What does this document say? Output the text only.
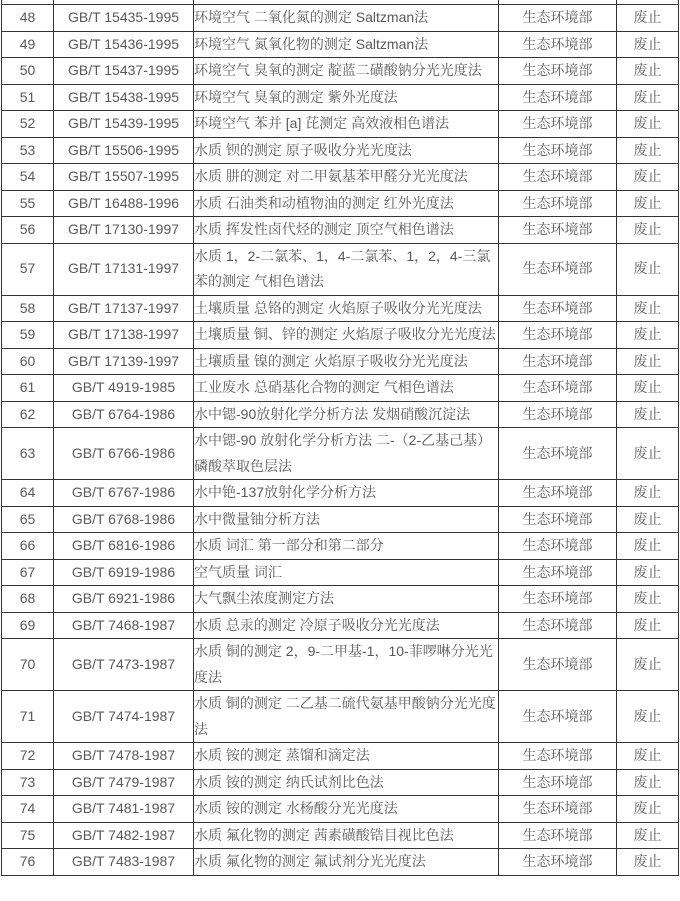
48	GB/T 15435-1995	环境空气 二氧化氮的测定 Saltzman法	生态环境部	废止
49	GB/T 15436-1995	环境空气 氮氧化物的测定 Saltzman法	生态环境部	废止
50	GB/T 15437-1995	环境空气 臭氧的测定 靛蓝二磺酸钠分光光度法	生态环境部	废止
51	GB/T 15438-1995	环境空气 臭氧的测定 紫外光度法	生态环境部	废止
52	GB/T 15439-1995	环境空气 苯并 [a] 芘测定 高效液相色谱法	生态环境部	废止
53	GB/T 15506-1995	水质 钡的测定 原子吸收分光光度法	生态环境部	废止
54	GB/T 15507-1995	水质 肼的测定 对二甲氨基苯甲醛分光光度法	生态环境部	废止
55	GB/T 16488-1996	水质 石油类和动植物油的测定 红外光度法	生态环境部	废止
56	GB/T 17130-1997	水质 挥发性卤代烃的测定 顶空气相色谱法	生态环境部	废止
57	GB/T 17131-1997	水质 1，2-二氯苯、1，4-二氯苯、1，2，4-三氯苯的测定 气相色谱法	生态环境部	废止
58	GB/T 17137-1997	土壤质量 总铬的测定 火焰原子吸收分光光度法	生态环境部	废止
59	GB/T 17138-1997	土壤质量 铜、锌的测定 火焰原子吸收分光光度法	生态环境部	废止
60	GB/T 17139-1997	土壤质量 镍的测定 火焰原子吸收分光光度法	生态环境部	废止
61	GB/T 4919-1985	工业废水 总硝基化合物的测定 气相色谱法	生态环境部	废止
62	GB/T 6764-1986	水中锶-90放射化学分析方法 发烟硝酸沉淀法	生态环境部	废止
63	GB/T 6766-1986	水中锶-90 放射化学分析方法 二-（2-乙基己基） 磷酸萃取色层法	生态环境部	废止
64	GB/T 6767-1986	水中铯-137放射化学分析方法	生态环境部	废止
65	GB/T 6768-1986	水中微量铀分析方法	生态环境部	废止
66	GB/T 6816-1986	水质 词汇 第一部分和第二部分	生态环境部	废止
67	GB/T 6919-1986	空气质量 词汇	生态环境部	废止
68	GB/T 6921-1986	大气飘尘浓度测定方法	生态环境部	废止
69	GB/T 7468-1987	水质 总汞的测定 冷原子吸收分光光度法	生态环境部	废止
70	GB/T 7473-1987	水质 铜的测定 2，9-二甲基-1，10-菲啰啉分光光度法	生态环境部	废止
71	GB/T 7474-1987	水质 铜的测定 二乙基二硫代氨基甲酸钠分光光度法	生态环境部	废止
72	GB/T 7478-1987	水质 铵的测定 蒸馏和滴定法	生态环境部	废止
73	GB/T 7479-1987	水质 铵的测定 纳氏试剂比色法	生态环境部	废止
74	GB/T 7481-1987	水质 铵的测定 水杨酸分光光度法	生态环境部	废止
75	GB/T 7482-1987	水质 氟化物的测定 茜素磺酸锆目视比色法	生态环境部	废止
76	GB/T 7483-1987	水质 氟化物的测定 氟试剂分光光度法	生态环境部	废止
